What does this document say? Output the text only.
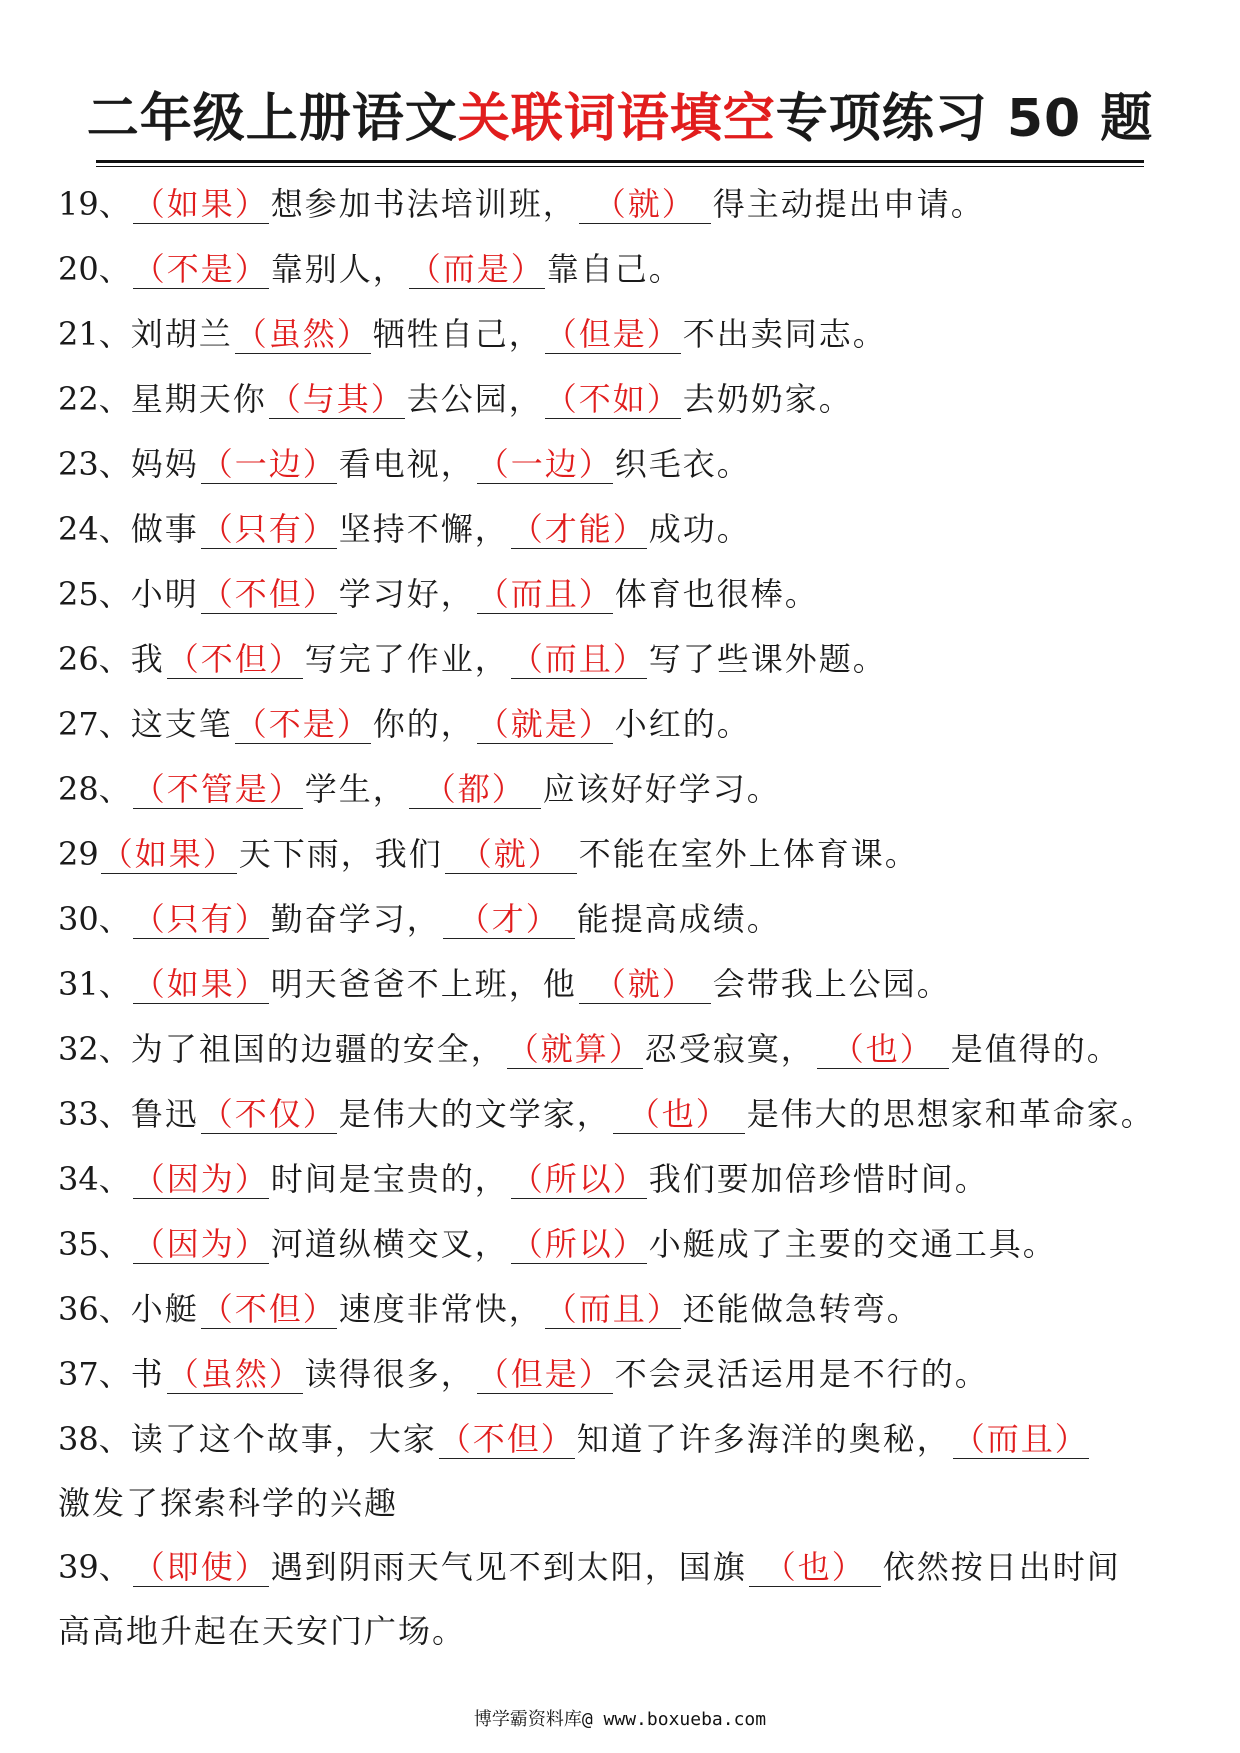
二年级上册语文关联词语填空专项练习 50 题
19、（如果）想参加书法培训班， （就） 得主动提出申请。
20、（不是）靠别人，（而是）靠自己。
21、刘胡兰（虽然）牺牲自己，（但是）不出卖同志。
22、星期天你（与其）去公园，（不如）去奶奶家。
23、妈妈（一边）看电视，（一边）织毛衣。
24、做事（只有）坚持不懈，（才能）成功。
25、小明（不但）学习好，（而且）体育也很棒。
26、我（不但）写完了作业，（而且）写了些课外题。
27、这支笔（不是）你的，（就是）小红的。
28、（不管是）学生， （都） 应该好好学习。
29（如果）天下雨，我们 （就） 不能在室外上体育课。
30、（只有）勤奋学习， （才） 能提高成绩。
31、（如果）明天爸爸不上班，他 （就） 会带我上公园。
32、为了祖国的边疆的安全，（就算）忍受寂寞， （也） 是值得的。
33、鲁迅（不仅）是伟大的文学家， （也） 是伟大的思想家和革命家。
34、（因为）时间是宝贵的，（所以）我们要加倍珍惜时间。
35、（因为）河道纵横交叉，（所以）小艇成了主要的交通工具。
36、小艇（不但）速度非常快，（而且）还能做急转弯。
37、书（虽然）读得很多，（但是）不会灵活运用是不行的。
38、读了这个故事，大家（不但）知道了许多海洋的奥秘，（而且）
激发了探索科学的兴趣
39、（即使）遇到阴雨天气见不到太阳，国旗 （也） 依然按日出时间
高高地升起在天安门广场。
博学霸资料库@ www.boxueba.com
